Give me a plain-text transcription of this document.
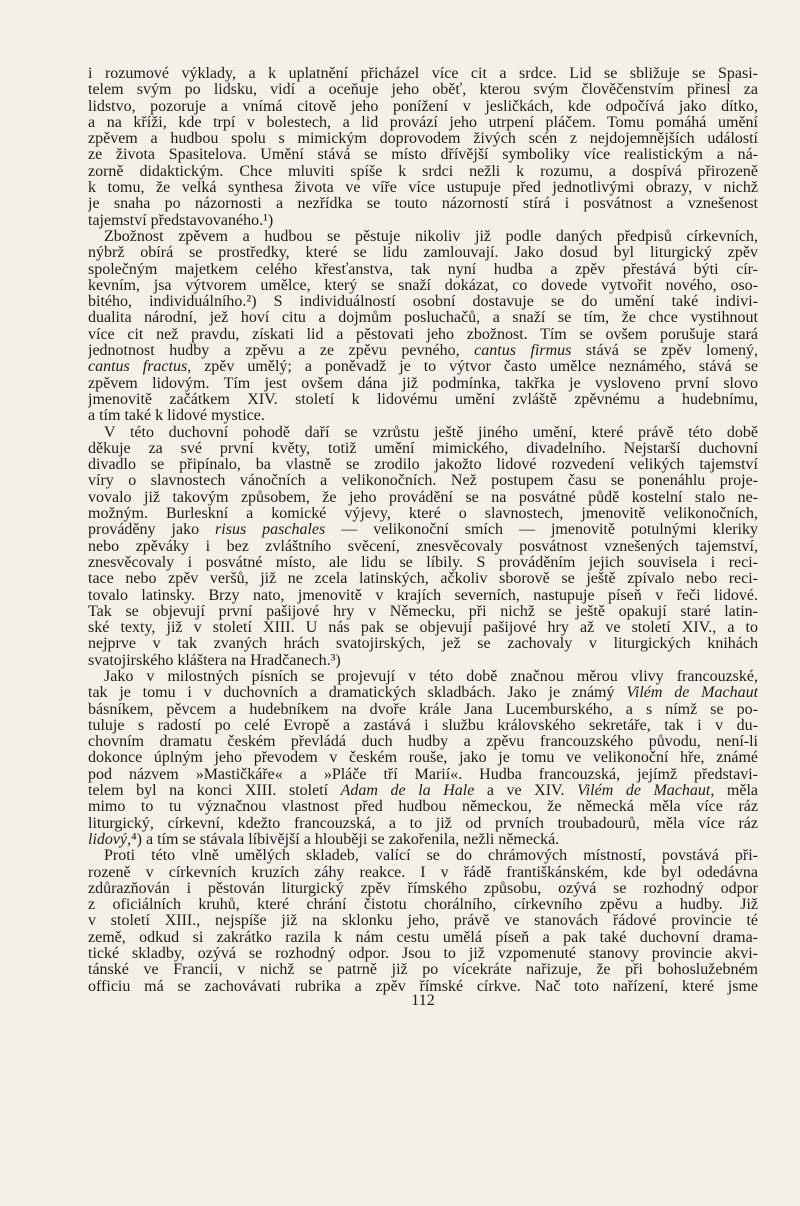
i rozumové výklady, a k uplatnění přicházel více cit a srdce. Lid se sbližuje se Spasi-
telem svým po lidsku, vidí a oceňuje jeho oběť, kterou svým člověčenstvím přinesl za
lidstvo, pozoruje a vnímá citově jeho ponížení v jesličkách, kde odpočívá jako dítko,
a na kříži, kde trpí v bolestech, a lid provází jeho utrpení pláčem. Tomu pomáhá umění
zpěvem a hudbou spolu s mimickým doprovodem živých scén z nejdojemnějších událostí
ze života Spasitelova. Umění stává se místo dřívější symboliky více realistickým a ná-
zorně didaktickým. Chce mluviti spíše k srdci nežli k rozumu, a dospívá přirozeně
k tomu, že velká synthesa života ve víře více ustupuje před jednotlivými obrazy, v nichž
je snaha po názornosti a nezřídka se touto názorností stírá i posvátnost a vznešenost
tajemství představovaného.¹)
Zbožnost zpěvem a hudbou se pěstuje nikoliv již podle daných předpisů církevních,
nýbrž obírá se prostředky, které se lidu zamlouvají. Jako dosud byl liturgický zpěv
společným majetkem celého křesťanstva, tak nyní hudba a zpěv přestává býti cír-
kevním, jsa výtvorem umělce, který se snaží dokázat, co dovede vytvořit nového, oso-
bitého, individuálního.²) S individuálností osobní dostavuje se do umění také indivi-
dualita národní, jež hoví citu a dojmům posluchačů, a snaží se tím, že chce vystihnout
více cit než pravdu, získati lid a pěstovati jeho zbožnost. Tím se ovšem porušuje stará
jednotnost hudby a zpěvu a ze zpěvu pevného, cantus firmus stává se zpěv lomený,
cantus fractus, zpěv umělý; a poněvadž je to výtvor často umělce neznámého, stává se
zpěvem lidovým. Tím jest ovšem dána již podmínka, takřka je vysloveno první slovo
jmenovitě začátkem XIV. století k lidovému umění zvláště zpěvnému a hudebnímu,
a tím také k lidové mystice.
V této duchovní pohodě daří se vzrůstu ještě jiného umění, které právě této době
děkuje za své první květy, totiž umění mimického, divadelního. Nejstarší duchovní
divadlo se připínalo, ba vlastně se zrodilo jakožto lidové rozvedení velikých tajemství
víry o slavnostech vánočních a velikonočních. Než postupem času se ponenáhlu proje-
vovalo již takovým způsobem, že jeho provádění se na posvátné půdě kostelní stalo ne-
možným. Burleskní a komické výjevy, které o slavnostech, jmenovitě velikonočních,
prováděny jako risus paschales — velikonoční smích — jmenovitě potulnými kleriky
nebo zpěváky i bez zvláštního svěcení, znesvěcovaly posvátnost vznešených tajemství,
znesvěcovaly i posvátné místo, ale lidu se líbily. S prováděním jejich souvisela i reci-
tace nebo zpěv veršů, již ne zcela latinských, ačkoliv sborově se ještě zpívalo nebo reci-
tovalo latinsky. Brzy nato, jmenovitě v krajích severních, nastupuje píseň v řeči lidové.
Tak se objevují první pašijové hry v Německu, při nichž se ještě opakují staré latin-
ské texty, již v století XIII. U nás pak se objevují pašijové hry až ve století XIV., a to
nejprve v tak zvaných hrách svatojirských, jež se zachovaly v liturgických knihách
svatojirského kláštera na Hradčanech.³)
Jako v milostných písních se projevují v této době značnou měrou vlivy francouzské,
tak je tomu i v duchovních a dramatických skladbách. Jako je známý Vilém de Machaut
básníkem, pěvcem a hudebníkem na dvoře krále Jana Lucemburského, a s nímž se po-
tuluje s radostí po celé Evropě a zastává i službu královského sekretáře, tak i v du-
chovním dramatu českém převládá duch hudby a zpěvu francouzského původu, není-li
dokonce úplným jeho převodem v českém rouše, jako je tomu ve velikonoční hře, známé
pod názvem »Mastičkáře« a »Pláče tří Marií«. Hudba francouzská, jejímž představi-
telem byl na konci XIII. století Adam de la Hale a ve XIV. Vilém de Machaut, měla
mimo to tu význačnou vlastnost před hudbou německou, že německá měla více ráz
liturgický, církevní, kdežto francouzská, a to již od prvních troubadourů, měla více ráz
lidový,⁴) a tím se stávala líbivější a hlouběji se zakořenila, nežli německá.
Proti této vlně umělých skladeb, valící se do chrámových místností, povstává při-
rozeně v církevních kruzích záhy reakce. I v řádě františkánském, kde byl odedávna
zdůrazňován i pěstován liturgický zpěv římského způsobu, ozývá se rozhodný odpor
z oficiálních kruhů, které chrání čistotu chorálního, církevního zpěvu a hudby. Již
v století XIII., nejspíše již na sklonku jeho, právě ve stanovách řádové provincie té
země, odkud si zakrátko razila k nám cestu umělá píseň a pak také duchovní drama-
tické skladby, ozývá se rozhodný odpor. Jsou to již vzpomenuté stanovy provincie akvi-
tánské ve Francii, v nichž se patrně již po vícekráte nařizuje, že při bohoslužebném
officiu má se zachovávati rubrika a zpěv římské církve. Nač toto nařízení, které jsme
112
